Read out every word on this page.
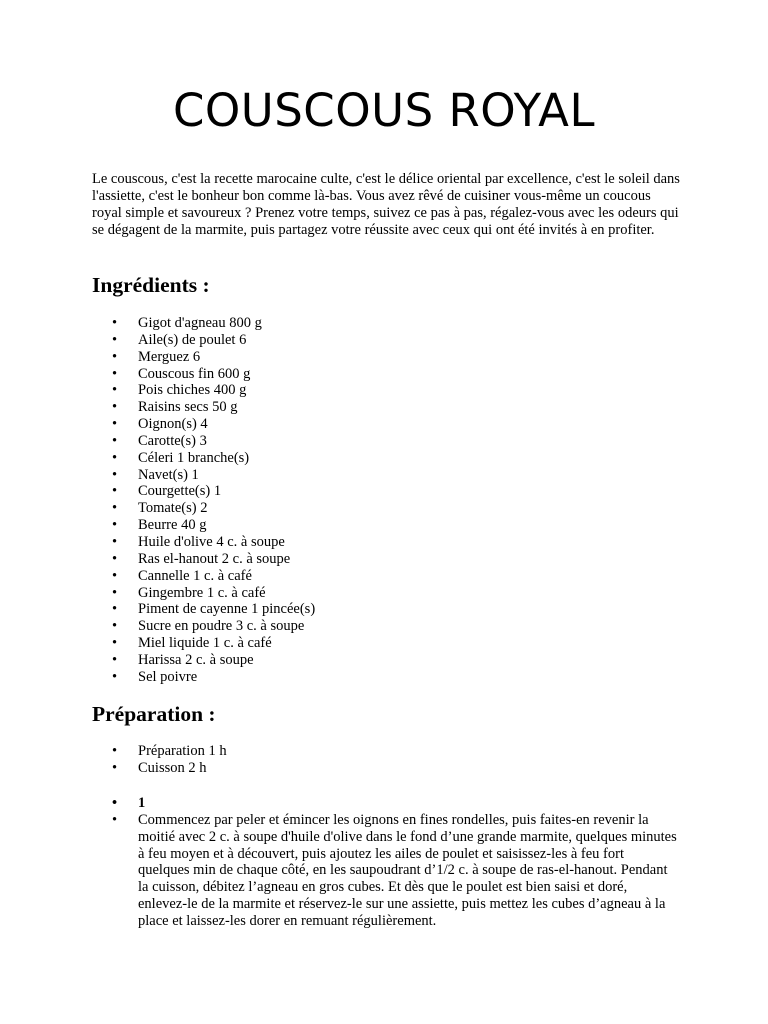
COUSCOUS ROYAL

Le couscous, c'est la recette marocaine culte, c'est le délice oriental par excellence, c'est le soleil dans l'assiette, c'est le bonheur bon comme là-bas. Vous avez rêvé de cuisiner vous-même un coucous royal simple et savoureux ? Prenez votre temps, suivez ce pas à pas, régalez-vous avec les odeurs qui se dégagent de la marmite, puis partagez votre réussite avec ceux qui ont été invités à en profiter.

Ingrédients :
• Gigot d'agneau 800 g
• Aile(s) de poulet 6
• Merguez 6
• Couscous fin 600 g
• Pois chiches 400 g
• Raisins secs 50 g
• Oignon(s) 4
• Carotte(s) 3
• Céleri 1 branche(s)
• Navet(s) 1
• Courgette(s) 1
• Tomate(s) 2
• Beurre 40 g
• Huile d'olive 4 c. à soupe
• Ras el-hanout 2 c. à soupe
• Cannelle 1 c. à café
• Gingembre 1 c. à café
• Piment de cayenne 1 pincée(s)
• Sucre en poudre 3 c. à soupe
• Miel liquide 1 c. à café
• Harissa 2 c. à soupe
• Sel poivre
Préparation :
• Préparation 1 h
• Cuisson 2 h
• 1
• Commencez par peler et émincer les oignons en fines rondelles, puis faites-en revenir la moitié avec 2 c. à soupe d'huile d'olive dans le fond d’une grande marmite, quelques minutes à feu moyen et à découvert, puis ajoutez les ailes de poulet et saisissez-les à feu fort quelques min de chaque côté, en les saupoudrant d’1/2 c. à soupe de ras-el-hanout. Pendant la cuisson, débitez l’agneau en gros cubes. Et dès que le poulet est bien saisi et doré, enlevez-le de la marmite et réservez-le sur une assiette, puis mettez les cubes d’agneau à la place et laissez-les dorer en remuant régulièrement.
